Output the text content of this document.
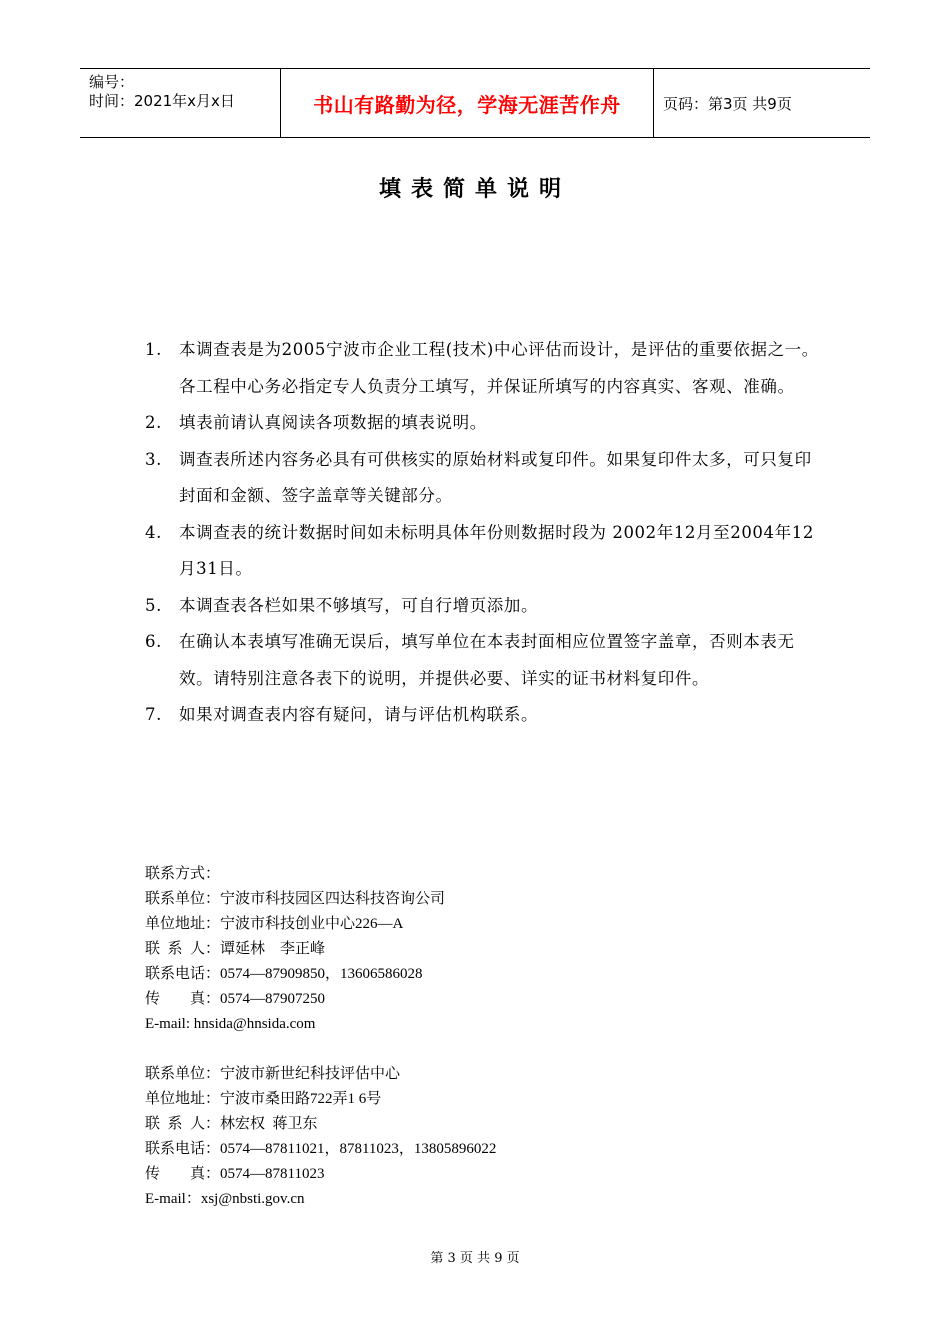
编号：
时间：2021年x月x日	书山有路勤为径，学海无涯苦作舟	页码：第3页 共9页
填表简单说明
1. 本调查表是为2005宁波市企业工程(技术)中心评估而设计，是评估的重要依据之一。各工程中心务必指定专人负责分工填写，并保证所填写的内容真实、客观、准确。
2. 填表前请认真阅读各项数据的填表说明。
3. 调查表所述内容务必具有可供核实的原始材料或复印件。如果复印件太多，可只复印封面和金额、签字盖章等关键部分。
4. 本调查表的统计数据时间如未标明具体年份则数据时段为 2002年12月至2004年12月31日。
5. 本调查表各栏如果不够填写，可自行增页添加。
6. 在确认本表填写准确无误后，填写单位在本表封面相应位置签字盖章，否则本表无效。请特别注意各表下的说明，并提供必要、详实的证书材料复印件。
7. 如果对调查表内容有疑问，请与评估机构联系。
联系方式：
联系单位：宁波市科技园区四达科技咨询公司
单位地址：宁波市科技创业中心226—A
联  系  人：谭延林    李正峰
联系电话：0574—87909850，13606586028
传        真：0574—87907250
E-mail: hnsida@hnsida.com
联系单位：宁波市新世纪科技评估中心
单位地址：宁波市桑田路722弄1 6号
联  系  人：林宏权  蒋卫东
联系电话：0574—87811021，87811023，13805896022
传        真：0574—87811023
E-mail：xsj@nbsti.gov.cn
第 3 页 共 9 页
